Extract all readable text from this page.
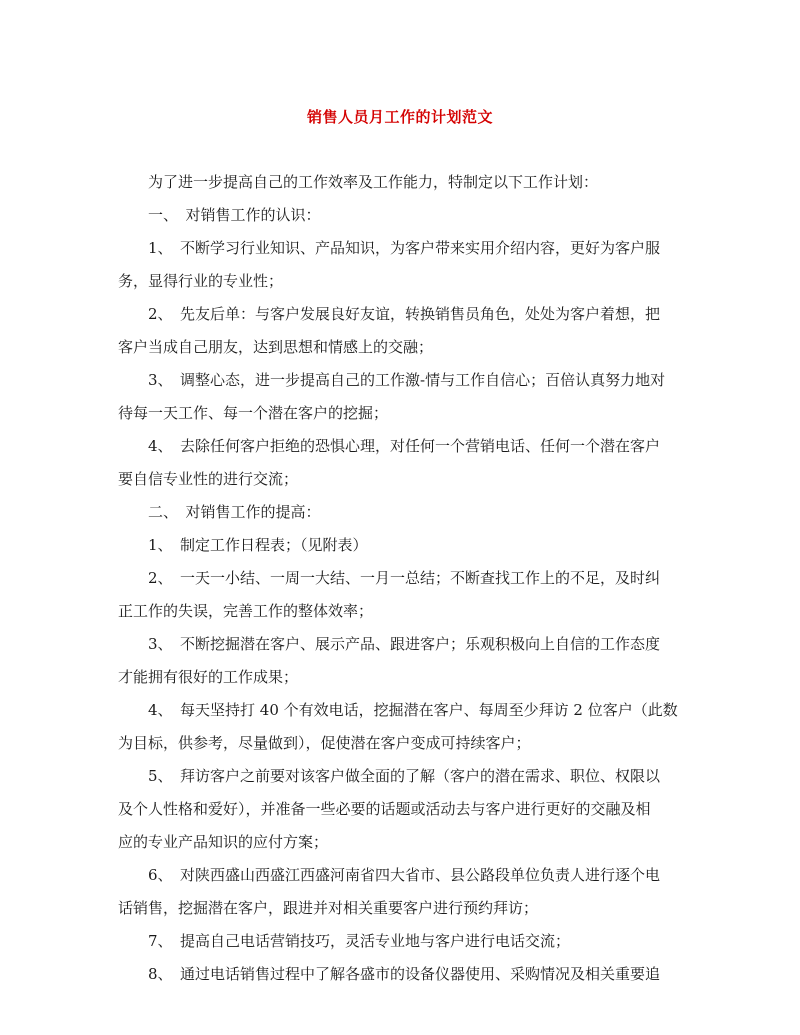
销售人员月工作的计划范文

为了进一步提高自己的工作效率及工作能力，特制定以下工作计划：

一、　对销售工作的认识：

1、　不断学习行业知识、产品知识，为客户带来实用介绍内容，更好为客户服
务，显得行业的专业性；

2、　先友后单：与客户发展良好友谊，转换销售员角色，处处为客户着想，把
客户当成自己朋友，达到思想和情感上的交融；

3、　调整心态，进一步提高自己的工作激-情与工作自信心；百倍认真努力地对
待每一天工作、每一个潜在客户的挖掘；

4、　去除任何客户拒绝的恐惧心理，对任何一个营销电话、任何一个潜在客户
要自信专业性的进行交流；

二、　对销售工作的提高：

1、　制定工作日程表；（见附表）

2、　一天一小结、一周一大结、一月一总结；不断查找工作上的不足，及时纠
正工作的失误，完善工作的整体效率；

3、　不断挖掘潜在客户、展示产品、跟进客户；乐观积极向上自信的工作态度
才能拥有很好的工作成果；

4、　每天坚持打 40 个有效电话，挖掘潜在客户、每周至少拜访 2 位客户（此数
为目标，供参考，尽量做到），促使潜在客户变成可持续客户；

5、　拜访客户之前要对该客户做全面的了解（客户的潜在需求、职位、权限以
及个人性格和爱好），并准备一些必要的话题或活动去与客户进行更好的交融及相
应的专业产品知识的应付方案；

6、　对陕西盛山西盛江西盛河南省四大省市、县公路段单位负责人进行逐个电
话销售，挖掘潜在客户，跟进并对相关重要客户进行预约拜访；

7、　提高自己电话营销技巧，灵活专业地与客户进行电话交流；

8、　通过电话销售过程中了解各盛市的设备仪器使用、采购情况及相关重要追
